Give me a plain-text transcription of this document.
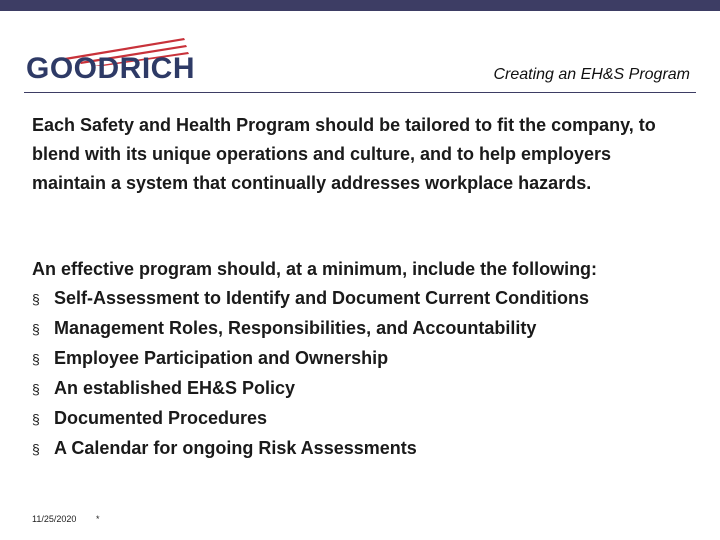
GOODRICH	Creating an EH&S Program

Each Safety and Health Program should be tailored to fit the company, to blend with its unique operations and culture, and to help employers maintain a system that continually addresses workplace hazards.

An effective program should, at a minimum, include the following:

§ Self-Assessment to Identify and Document Current Conditions
§ Management Roles, Responsibilities, and Accountability
§ Employee Participation and Ownership
§ An established EH&S Policy
§ Documented Procedures
§ A Calendar for ongoing Risk Assessments
11/25/2020 *
